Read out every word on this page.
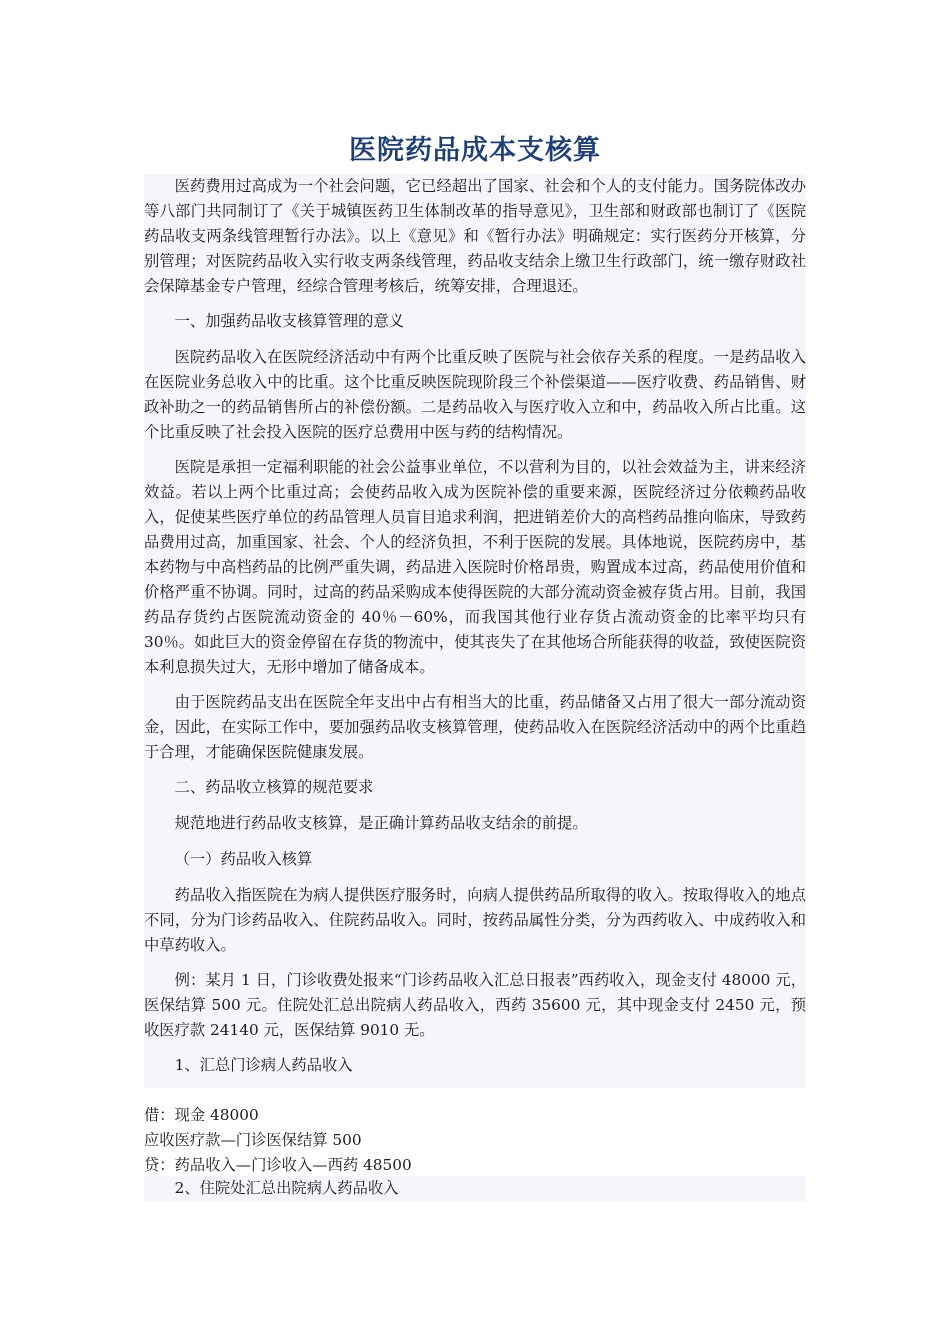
医院药品成本支核算

医药费用过高成为一个社会问题，它已经超出了国家、社会和个人的支付能力。国务院体改办等八部门共同制订了《关于城镇医药卫生体制改革的指导意见》，卫生部和财政部也制订了《医院药品收支两条线管理暂行办法》。以上《意见》和《暂行办法》明确规定：实行医药分开核算，分别管理；对医院药品收入实行收支两条线管理，药品收支结余上缴卫生行政部门，统一缴存财政社会保障基金专户管理，经综合管理考核后，统筹安排，合理退还。

一、加强药品收支核算管理的意义

医院药品收入在医院经济活动中有两个比重反映了医院与社会依存关系的程度。一是药品收入在医院业务总收入中的比重。这个比重反映医院现阶段三个补偿渠道——医疗收费、药品销售、财政补助之一的药品销售所占的补偿份额。二是药品收入与医疗收入立和中，药品收入所占比重。这个比重反映了社会投入医院的医疗总费用中医与药的结构情况。

医院是承担一定福利职能的社会公益事业单位，不以营利为目的，以社会效益为主，讲来经济效益。若以上两个比重过高；会使药品收入成为医院补偿的重要来源，医院经济过分依赖药品收入，促使某些医疗单位的药品管理人员盲目追求利润，把进销差价大的高档药品推向临床，导致药品费用过高，加重国家、社会、个人的经济负担，不利于医院的发展。具体地说，医院药房中，基本药物与中高档药品的比例严重失调，药品进入医院时价格昂贵，购置成本过高，药品使用价值和价格严重不协调。同时，过高的药品采购成本使得医院的大部分流动资金被存货占用。目前，我国药品存货约占医院流动资金的 40％－60%，而我国其他行业存货占流动资金的比率平均只有 30％。如此巨大的资金停留在存货的物流中，使其丧失了在其他场合所能获得的收益，致使医院资本利息损失过大，无形中增加了储备成本。

由于医院药品支出在医院全年支出中占有相当大的比重，药品储备又占用了很大一部分流动资金，因此，在实际工作中，要加强药品收支核算管理，使药品收入在医院经济活动中的两个比重趋于合理，才能确保医院健康发展。

二、药品收立核算的规范要求

规范地进行药品收支核算，是正确计算药品收支结余的前提。

（一）药品收入核算

药品收入指医院在为病人提供医疗服务时，向病人提供药品所取得的收入。按取得收入的地点不同，分为门诊药品收入、住院药品收入。同时，按药品属性分类，分为西药收入、中成药收入和中草药收入。

例：某月 1 日，门诊收费处报来“门诊药品收入汇总日报表”西药收入，现金支付 48000 元，医保结算 500 元。住院处汇总出院病人药品收入，西药 35600 元，其中现金支付 2450 元，预收医疗款 24140 元，医保结算 9010 无。

1、汇总门诊病人药品收入

借：现金 48000

应收医疗款—门诊医保结算 500

贷：药品收入—门诊收入—西药 48500

2、住院处汇总出院病人药品收入
